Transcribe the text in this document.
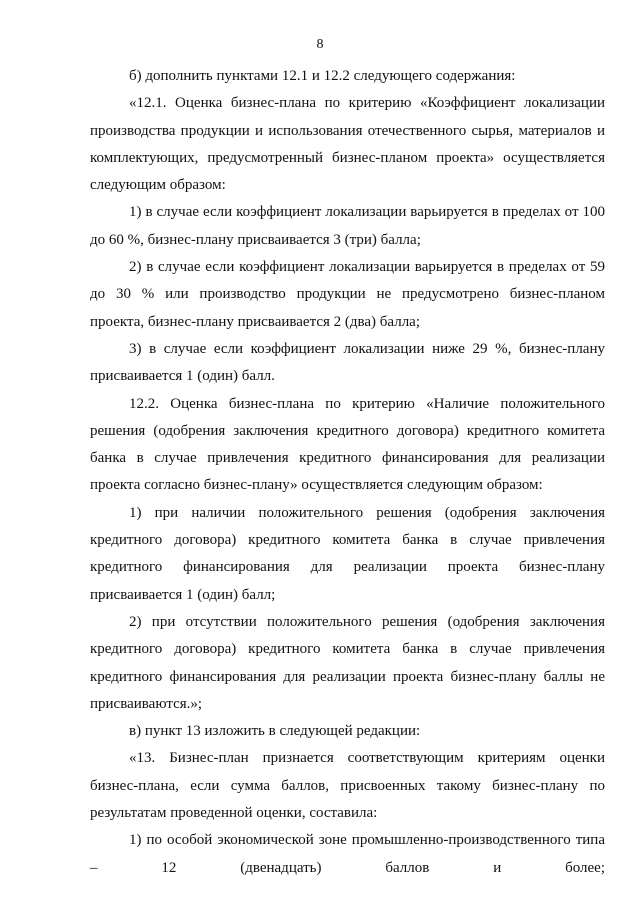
8

б) дополнить пунктами 12.1 и 12.2 следующего содержания:

«12.1. Оценка бизнес-плана по критерию «Коэффициент локализации производства продукции и использования отечественного сырья, материалов и комплектующих, предусмотренный бизнес-планом проекта» осуществляется следующим образом:

1) в случае если коэффициент локализации варьируется в пределах от 100 до 60 %, бизнес-плану присваивается 3 (три) балла;

2) в случае если коэффициент локализации варьируется в пределах от 59 до 30 % или производство продукции не предусмотрено бизнес-планом проекта, бизнес-плану присваивается 2 (два) балла;

3) в случае если коэффициент локализации ниже 29 %, бизнес-плану присваивается 1 (один) балл.

12.2. Оценка бизнес-плана по критерию «Наличие положительного решения (одобрения заключения кредитного договора) кредитного комитета банка в случае привлечения кредитного финансирования для реализации проекта согласно бизнес-плану» осуществляется следующим образом:

1) при наличии положительного решения (одобрения заключения кредитного договора) кредитного комитета банка в случае привлечения кредитного финансирования для реализации проекта бизнес-плану присваивается 1 (один) балл;

2) при отсутствии положительного решения (одобрения заключения кредитного договора) кредитного комитета банка в случае привлечения кредитного финансирования для реализации проекта бизнес-плану баллы не присваиваются.»;

в) пункт 13 изложить в следующей редакции:

«13. Бизнес-план признается соответствующим критериям оценки бизнес-плана, если сумма баллов, присвоенных такому бизнес-плану по результатам проведенной оценки, составила:

1) по особой экономической зоне промышленно-производственного типа – 12 (двенадцать) баллов и более;
